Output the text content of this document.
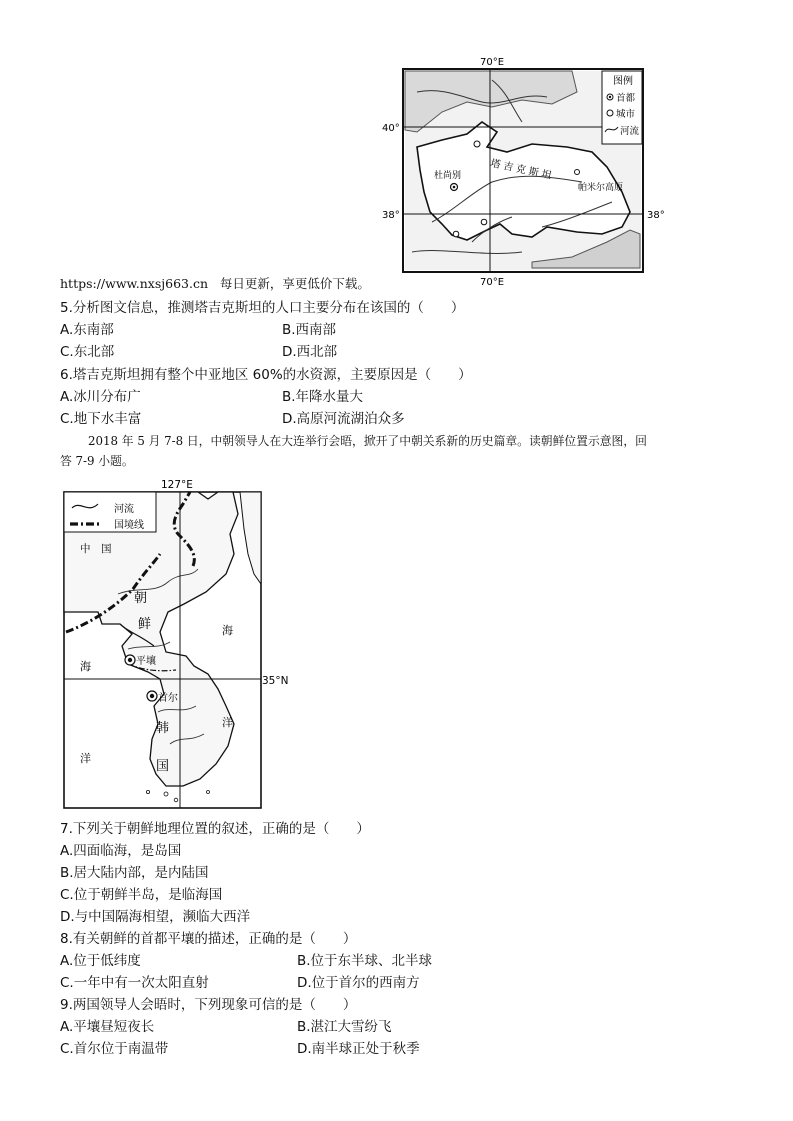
70°E
70°E
40°
38°	38°
图例
首都
城市
河流
杜尚别	塔吉克斯坦
帕米尔高原
https://www.nxsj663.cn   每日更新，享更低价下载。
5.分析图文信息，推测塔吉克斯坦的人口主要分布在该国的（　　）
A.东南部	B.西南部
C.东北部	D.西北部
6.塔吉克斯坦拥有整个中亚地区 60%的水资源，主要原因是（　　）
A.冰川分布广	B.年降水量大
C.地下水丰富	D.高原河流湖泊众多
2018 年 5 月 7-8 日，中朝领导人在大连举行会晤，掀开了中朝关系新的历史篇章。读朝鲜位置示意图，回
答 7-9 小题。
127°E
35°N
河流
国境线
中　国
朝
鲜
海
洋
海
洋
平壤
首尔
韩
国
7.下列关于朝鲜地理位置的叙述，正确的是（　　）
A.四面临海，是岛国
B.居大陆内部，是内陆国
C.位于朝鲜半岛，是临海国
D.与中国隔海相望，濒临大西洋
8.有关朝鲜的首都平壤的描述，正确的是（　　）
A.位于低纬度	B.位于东半球、北半球
C.一年中有一次太阳直射	D.位于首尔的西南方
9.两国领导人会晤时，下列现象可信的是（　　）
A.平壤昼短夜长	B.湛江大雪纷飞
C.首尔位于南温带	D.南半球正处于秋季
